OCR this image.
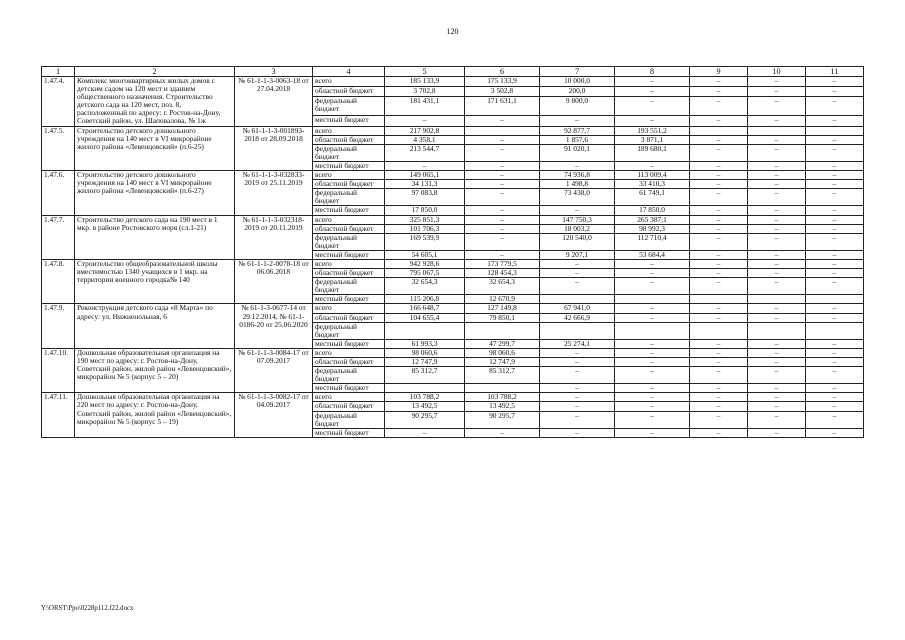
120
1	2	3	4	5	6	7	8	9	10	11
1.47.4.	Комплекс многоквартирных жилых домов с детским садом на 120 мест и зданием общественного назначения. Строительство детского сада на 120 мест, поз. 8, расположенный по адресу: г. Ростов-на-Дону, Советский район, ул. Шаповалова, № 1ж	№ 61-1-1-3-0063-18 от 27.04.2018	всего	185 133,9	175 133,9	10 000,0	–	–	–	–
			областной бюджет	3 702,8	3 502,8	200,0	–	–	–	–
			федеральный бюджет	181 431,1	171 631,1	9 800,0	–	–	–	–
			местный бюджет	–	–	–	–	–	–	–
1.47.5.	Строительство детского дошкольного учреждения на 140 мест в VI микрорайоне жилого района «Левенцовский» (п.6-25)	№ 61-1-1-3-001893-2018 от 28.09.2018	всего	217 902,8		92 877,7	193 551,2			
			областной бюджет	4 358,1	–	1 857,6	3 871,1	–	–	–
			федеральный бюджет	213 544,7	–	91 020,1	189 680,1	–	–	–
			местный бюджет	–	–	–	–	–	–	–
1.47.6.	Строительство детского дошкольного учреждения на 140 мест в VI микрорайоне жилого района «Левенцовский» (п.6-27)	№ 61-1-1-3-032833-2019 от 25.11.2019	всего	149 065,1	–	74 936,8	113 009,4	–	–	–
			областной бюджет	34 131,3	–	1 498,8	33 410,3	–	–	–
			федеральный бюджет	97 083,8	–	73 438,0	61 749,1	–	–	–
			местный бюджет	17 850,0	–	–	17 850,0	–	–	–
1.47.7.	Строительство детского сада на 190 мест в 1 мкр. в районе Ростовского моря (сл.1-21)	№ 61-1-1-3-032318-2019 от 20.11.2019	всего	325 851,3	–	147 750,3	265 387,1	–	–	–
			областной бюджет	101 706,3	–	18 003,2	98 992,3	–	–	–
			федеральный бюджет	169 539,9	–	120 540,0	112 710,4	–	–	–
			местный бюджет	54 605,1	–	9 207,1	53 684,4	–	–	–
1.47.8.	Строительство общеобразовательной школы вместимостью 1340 учащихся в 1 мкр. на территории военного городка№ 140	№ 61-1-1-2-0078-18 от 06.06.2018	всего	942 928,6	173 779,5	–	–	–	–	–
			областной бюджет	795 067,5	128 454,3	–	–	–	–	–
			федеральный бюджет	32 654,3	32 654,3	–	–	–	–	–
			местный бюджет	115 206,8	12 670,9					
1.47.9.	Реконструкция детского сада «8 Марта» по адресу: ул. Нижненольная, 6	№ 61-1-3-0677-14 от 29.12.2014, № 61-1-0186-20 от 25.06.2020	всего	166 648,7	127 149,8	67 941,0	–	–	–	–
			областной бюджет	104 655,4	79 850,1	42 666,9	–	–	–	–
			федеральный бюджет							
			местный бюджет	61 993,3	47 299,7	25 274,1	–	–	–	–
1.47.10.	Дошкольная образовательная организация на 190 мест по адресу: г. Ростов-на-Дону, Советский район, жилой район «Левенцовский», микрорайон № 5 (корпус 5 – 20)	№ 61-1-1-3-0084-17 от 07.09.2017	всего	98 060,6	98 060,6	–	–	–	–	–
			областной бюджет	12 747,9	12 747,9	–	–	–	–	–
			федеральный бюджет	85 312,7	85 312,7	–	–	–	–	–
			местный бюджет			–	–	–	–	–
1.47.11.	Дошкольная образовательная организация на 220 мест по адресу: г. Ростов-на-Дону, Советский район, жилой район «Левенцовский», микрорайон № 5 (корпус 5 – 19)	№ 61-1-1-3-0082-17 от 04.09.2017	всего	103 788,2	103 788,2	–	–	–	–	–
			областной бюджет	13 492,5	13 492,5	–	–	–	–	–
			федеральный бюджет	90 295,7	90 295,7	–	–	–	–	–
			местный бюджет	–	–	–	–	–	–	–
Y:\ORST\Ppo\0228p112.f22.docx
